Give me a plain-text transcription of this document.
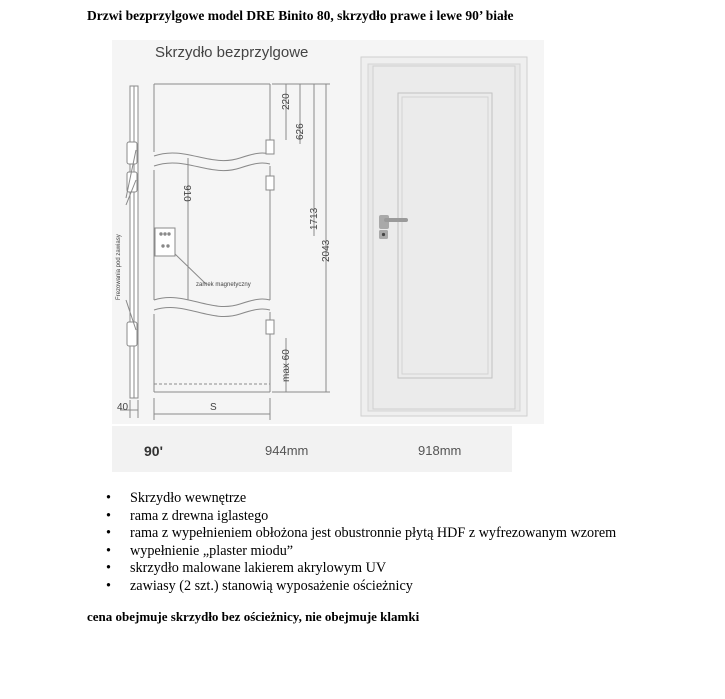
Drzwi bezprzylgowe model DRE Binito 80, skrzydło prawe i lewe 90’ białe
Skrzydło bezprzylgowe
220
626
910
1713
2043
max 60
40	S
Frezowania pod zawiasy	zamek magnetyczny
90'	944mm	918mm
• Skrzydło wewnętrze
• rama z drewna iglastego
• rama z wypełnieniem obłożona jest obustronnie płytą HDF z wyfrezowanym wzorem
• wypełnienie „plaster miodu”
• skrzydło malowane lakierem akrylowym UV
• zawiasy (2 szt.) stanowią wyposażenie ościeżnicy
cena obejmuje skrzydło bez ościeżnicy, nie obejmuje klamki
